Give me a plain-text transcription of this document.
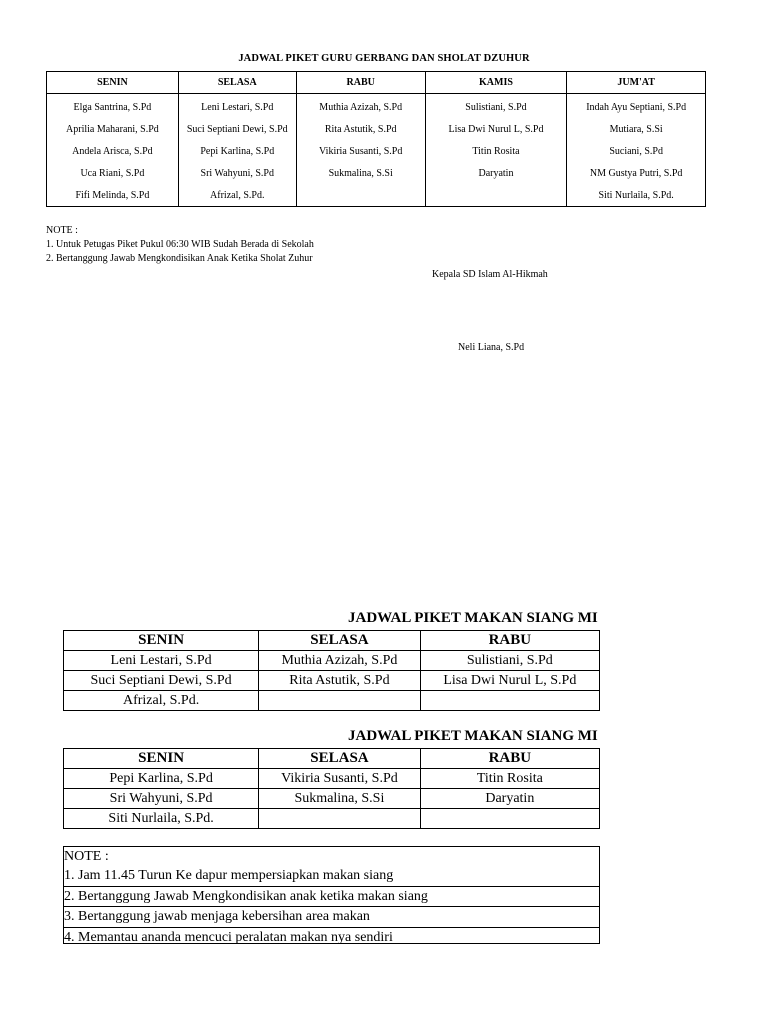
JADWAL PIKET GURU GERBANG DAN SHOLAT DZUHUR
SENIN	SELASA	RABU	KAMIS	JUM'AT
Elga Santrina, S.Pd	Leni Lestari, S.Pd	Muthia Azizah, S.Pd	Sulistiani, S.Pd	Indah Ayu Septiani, S.Pd
Aprilia Maharani, S.Pd	Suci Septiani Dewi, S.Pd	Rita Astutik, S.Pd	Lisa Dwi Nurul L, S.Pd	Mutiara, S.Si
Andela Arisca, S.Pd	Pepi Karlina, S.Pd	Vikiria Susanti, S.Pd	Titin Rosita	Suciani, S.Pd
Uca Riani, S.Pd	Sri Wahyuni, S.Pd	Sukmalina, S.Si	Daryatin	NM Gustya Putri, S.Pd
Fifi Melinda, S.Pd	Afrizal, S.Pd.			Siti Nurlaila, S.Pd.
NOTE :
1. Untuk Petugas Piket Pukul 06:30 WIB Sudah Berada di Sekolah
2. Bertanggung Jawab Mengkondisikan Anak Ketika Sholat Zuhur
Kepala SD Islam Al-Hikmah
Neli Liana, S.Pd
JADWAL PIKET MAKAN SIANG MI
SENIN	SELASA	RABU
Leni Lestari, S.Pd	Muthia Azizah, S.Pd	Sulistiani, S.Pd
Suci Septiani Dewi, S.Pd	Rita Astutik, S.Pd	Lisa Dwi Nurul L, S.Pd
Afrizal, S.Pd.		
JADWAL PIKET MAKAN SIANG MI
SENIN	SELASA	RABU
Pepi Karlina, S.Pd	Vikiria Susanti, S.Pd	Titin Rosita
Sri Wahyuni, S.Pd	Sukmalina, S.Si	Daryatin
Siti Nurlaila, S.Pd.		
NOTE :
1. Jam 11.45 Turun Ke dapur mempersiapkan makan siang
2. Bertanggung Jawab Mengkondisikan anak ketika makan siang
3. Bertanggung jawab menjaga kebersihan area makan
4. Memantau ananda mencuci peralatan makan nya sendiri
